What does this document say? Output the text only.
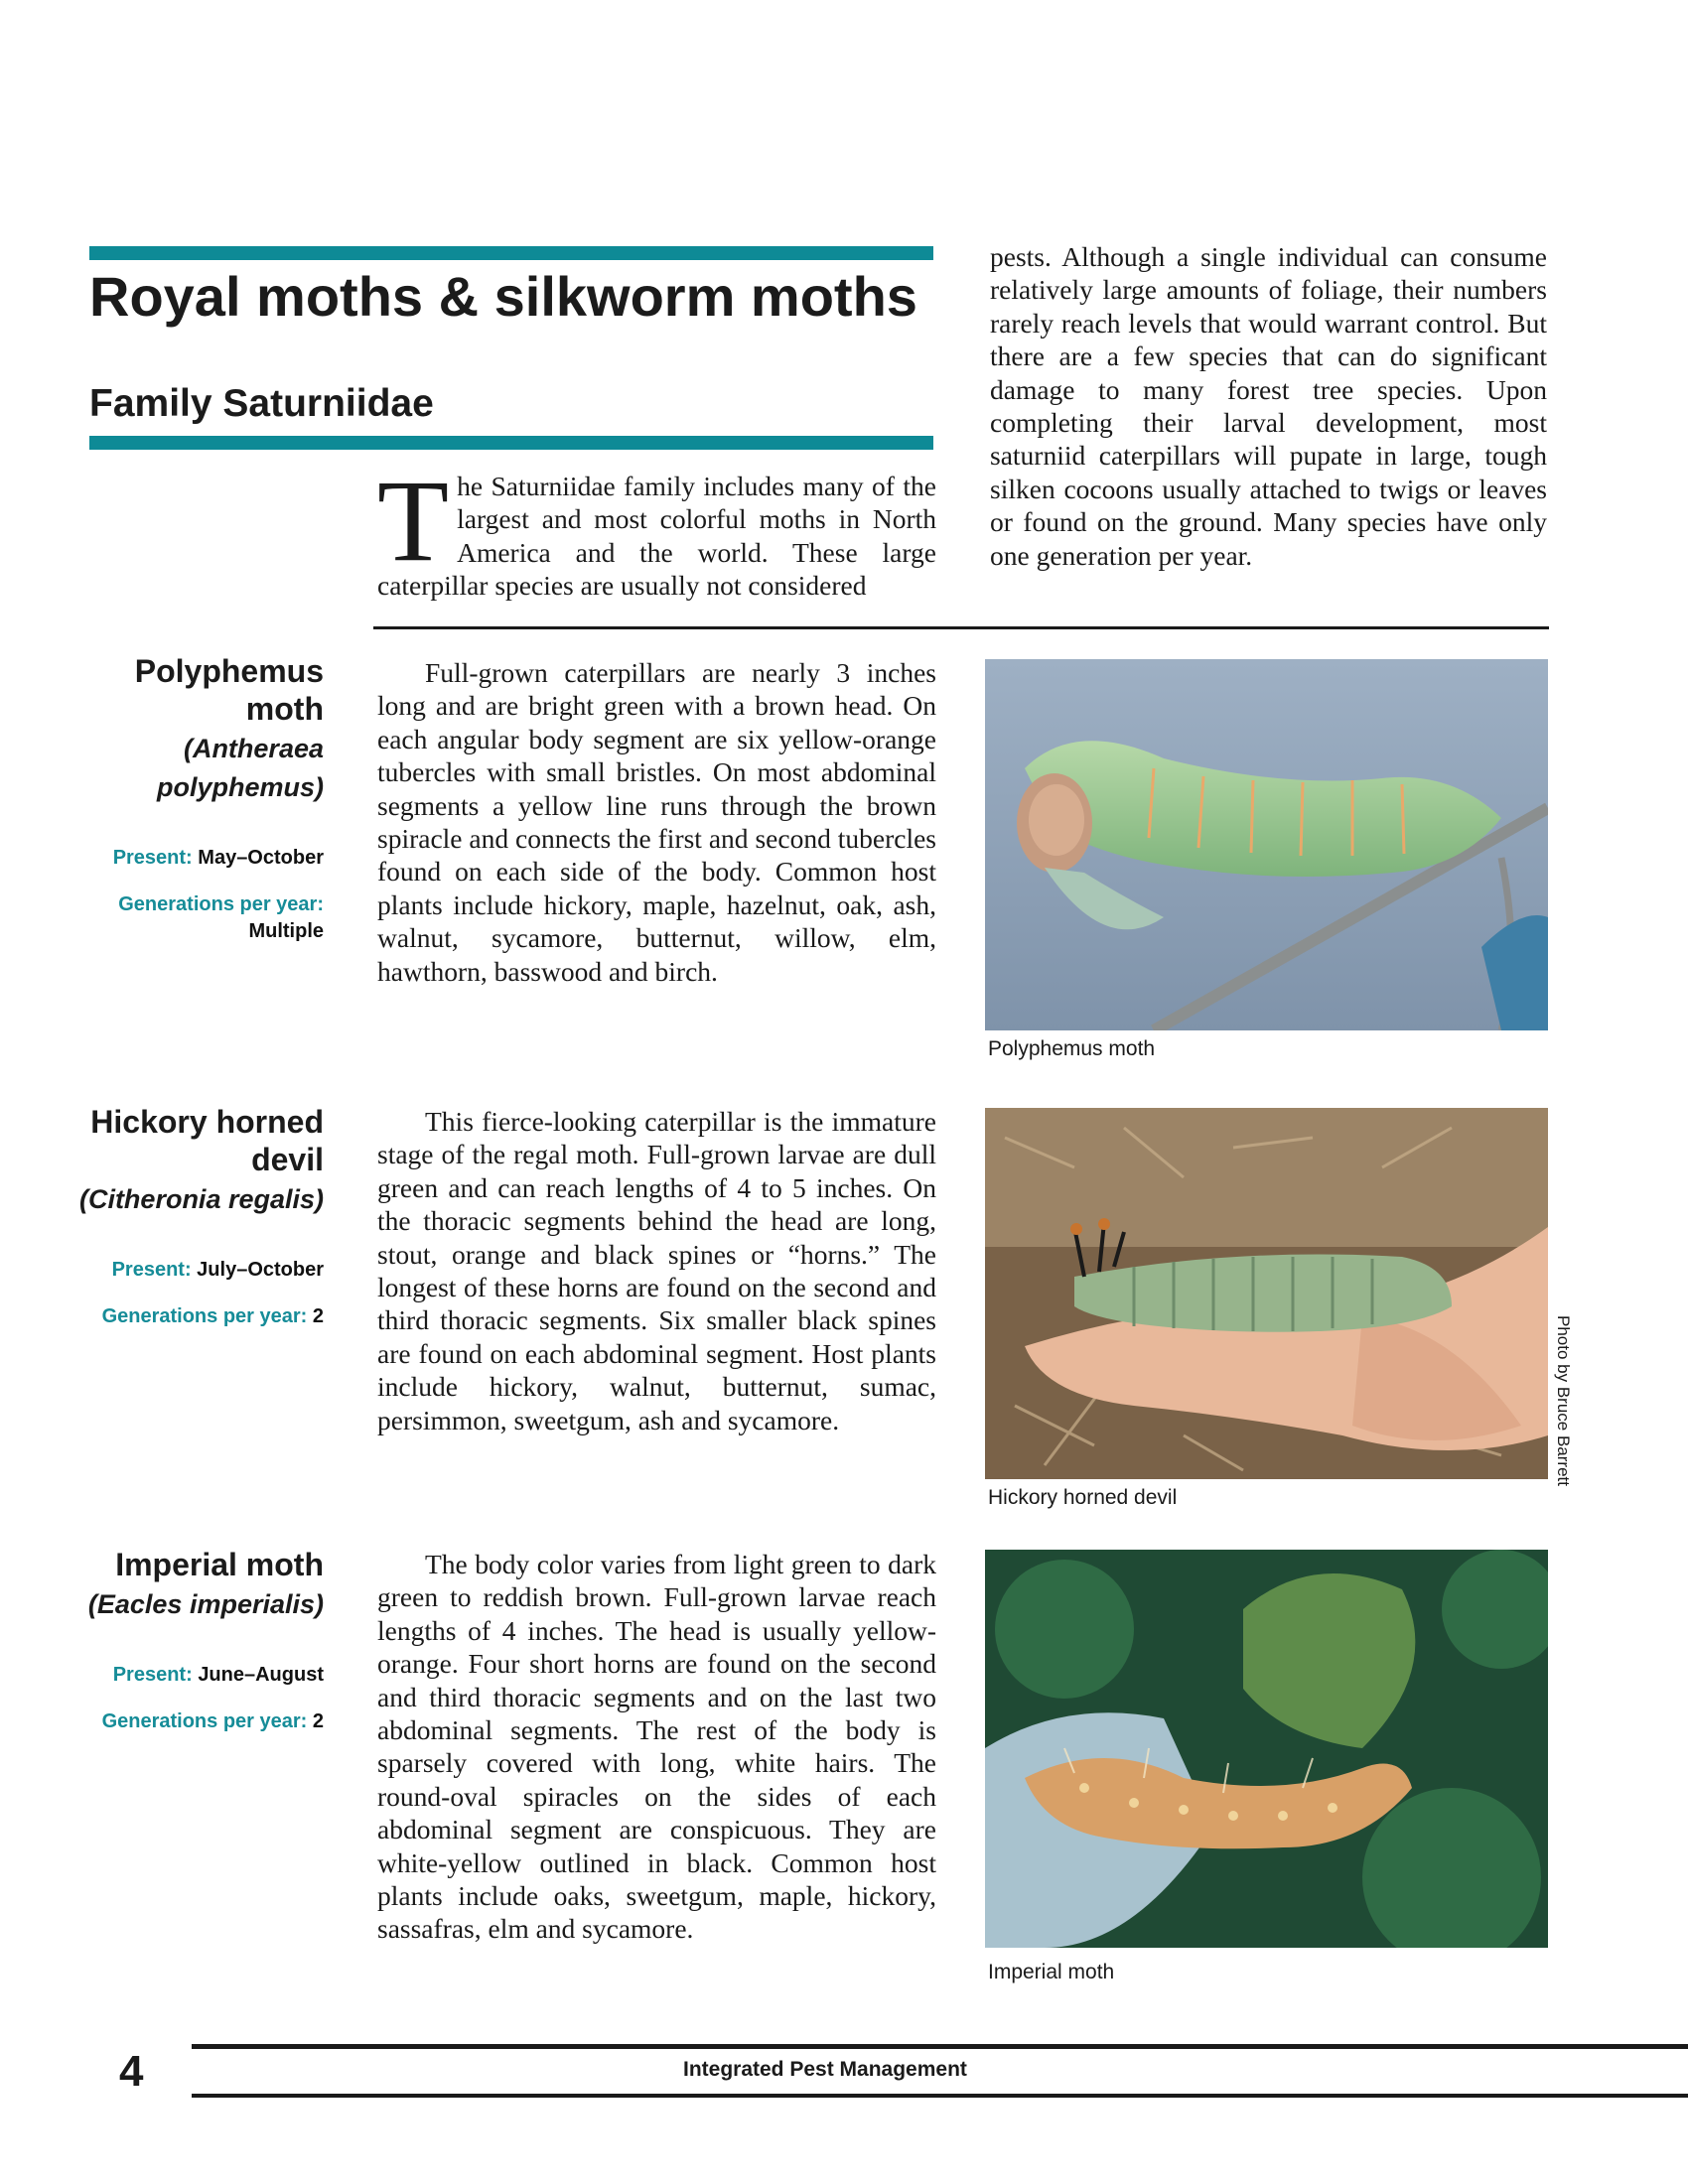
Royal moths & silkworm moths
Family Saturniidae

The Saturniidae family includes many of the largest and most colorful moths in North America and the world. These large caterpillar species are usually not considered

pests. Although a single individual can consume relatively large amounts of foliage, their numbers rarely reach levels that would warrant control. But there are a few species that can do significant damage to many forest tree species. Upon completing their larval development, most saturniid caterpillars will pupate in large, tough silken cocoons usually attached to twigs or leaves or found on the ground. Many species have only one generation per year.

Polyphemus moth
(Antheraea polyphemus)
Present: May–October
Generations per year:
Multiple

Full-grown caterpillars are nearly 3 inches long and are bright green with a brown head. On each angular body segment are six yellow-orange tubercles with small bristles. On most abdominal segments a yellow line runs through the brown spiracle and connects the first and second tubercles found on each side of the body. Common host plants include hickory, maple, hazelnut, oak, ash, walnut, sycamore, butternut, willow, elm, hawthorn, basswood and birch.

Polyphemus moth
Hickory horned devil
(Citheronia regalis)
Present: July–October
Generations per year: 2

This fierce-looking caterpillar is the immature stage of the regal moth. Full-grown larvae are dull green and can reach lengths of 4 to 5 inches. On the thoracic segments behind the head are long, stout, orange and black spines or “horns.” The longest of these horns are found on the second and third thoracic segments. Six smaller black spines are found on each abdominal segment. Host plants include hickory, walnut, butternut, sumac, persimmon, sweetgum, ash and sycamore.

Hickory horned devil
Photo by Bruce Barrett
Imperial moth
(Eacles imperialis)
Present: June–August
Generations per year: 2

The body color varies from light green to dark green to reddish brown. Full-grown larvae reach lengths of 4 inches. The head is usually yellow-orange. Four short horns are found on the second and third thoracic segments and on the last two abdominal segments. The rest of the body is sparsely covered with long, white hairs. The round-oval spiracles on the sides of each abdominal segment are conspicuous. They are white-yellow outlined in black. Common host plants include oaks, sweetgum, maple, hickory, sassafras, elm and sycamore.

Imperial moth
4	Integrated Pest Management
